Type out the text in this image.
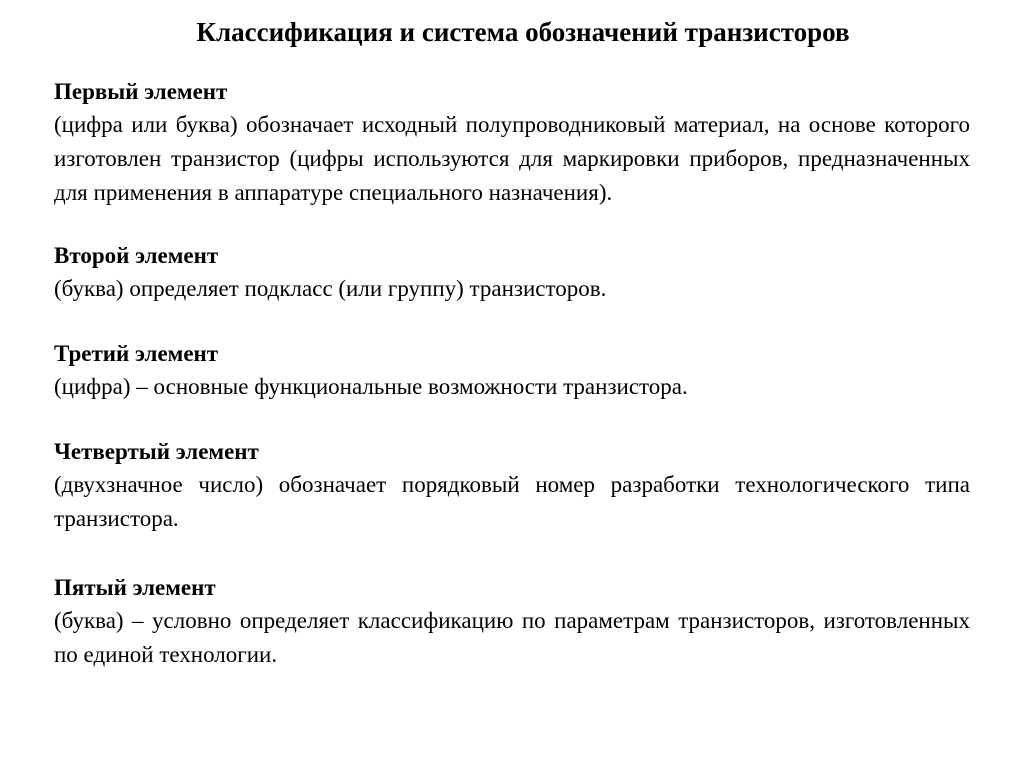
Классификация и система обозначений транзисторов
Первый элемент
(цифра или буква) обозначает исходный полупроводниковый материал, на основе которого изготовлен транзистор (цифры используются для маркировки приборов, предназначенных для применения в аппаратуре специального назначения).
Второй элемент
(буква) определяет подкласс (или группу) транзисторов.
Третий элемент
(цифра) – основные функциональные возможности транзистора.
Четвертый элемент
(двухзначное число) обозначает порядковый номер разработки технологического типа транзистора.
Пятый элемент
(буква) – условно определяет классификацию по параметрам транзисторов, изготовленных по единой технологии.
